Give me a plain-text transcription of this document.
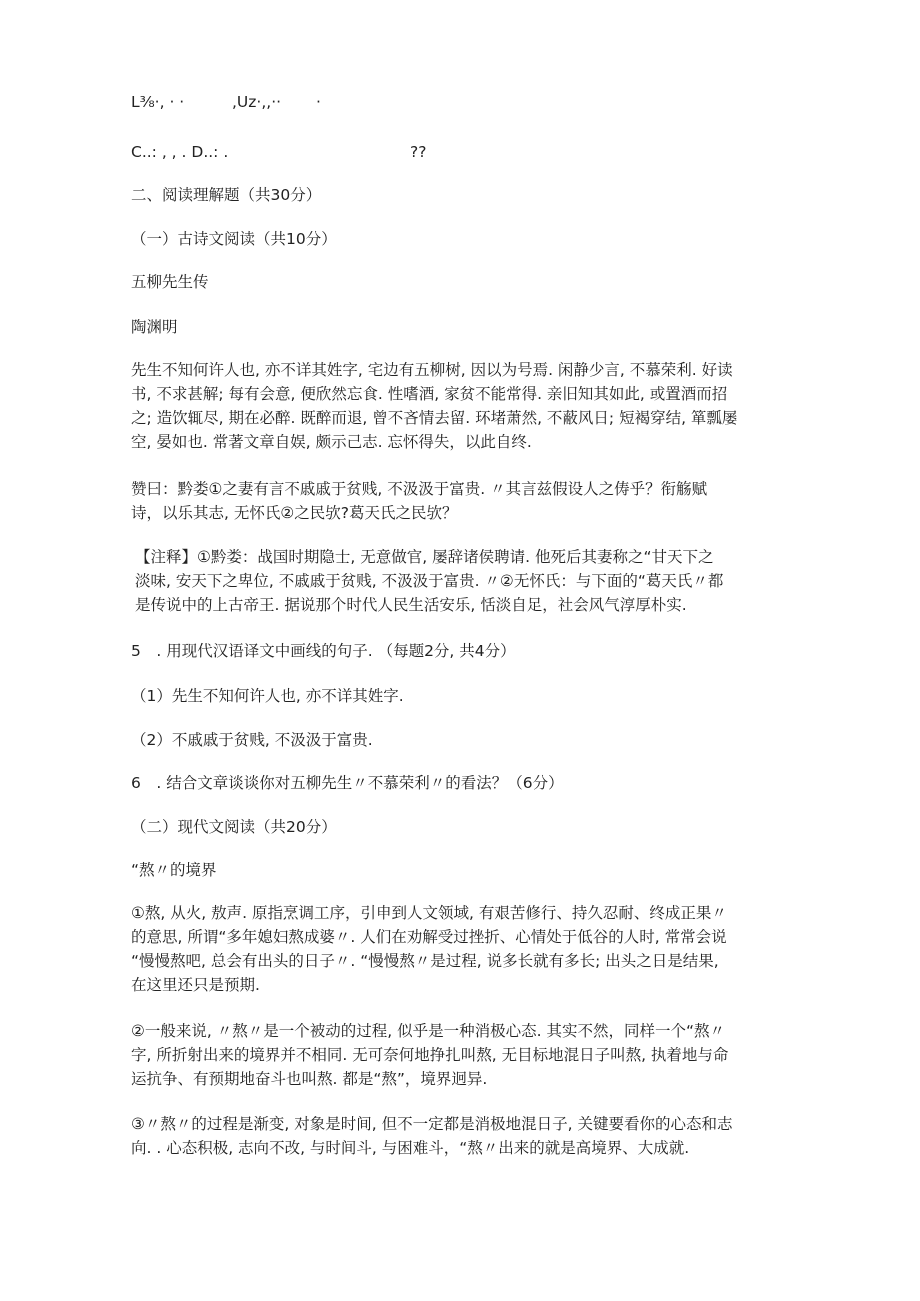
L⅜·, · ·	,Uz·,,·· ·
C..: , , . D..: .	??
二、阅读理解题（共30分）
（一）古诗文阅读（共10分）
五柳先生传
陶渊明
先生不知何许人也, 亦不详其姓字, 宅边有五柳树, 因以为号焉. 闲静少言, 不慕荣利. 好读
书, 不求甚解; 每有会意, 便欣然忘食. 性嗜酒, 家贫不能常得. 亲旧知其如此, 或置酒而招
之; 造饮辄尽, 期在必醉. 既醉而退, 曾不吝情去留. 环堵萧然, 不蔽风日; 短褐穿结, 箪瓢屡
空, 晏如也. 常著文章自娱, 颇示己志. 忘怀得失，以此自终.
赞曰：黔娄①之妻有言不戚戚于贫贱, 不汲汲于富贵. 〃其言兹假设人之俦乎？衔觞赋
诗，以乐其志, 无怀氏②之民欤?葛天氏之民欤？
【注释】①黔娄：战国时期隐士, 无意做官, 屡辞诸侯聘请. 他死后其妻称之“甘天下之
淡味, 安天下之卑位, 不戚戚于贫贱, 不汲汲于富贵. 〃②无怀氏：与下面的“葛天氏〃都
是传说中的上古帝王. 据说那个时代人民生活安乐, 恬淡自足，社会风气淳厚朴实.
5　. 用现代汉语译文中画线的句子. （每题2分, 共4分）
（1）先生不知何许人也, 亦不详其姓字.
（2）不戚戚于贫贱, 不汲汲于富贵.
6　. 结合文章谈谈你对五柳先生〃不慕荣利〃的看法？（6分）
（二）现代文阅读（共20分）
“熬〃的境界
①熬, 从火, 敖声. 原指烹调工序，引申到人文领域, 有艰苦修行、持久忍耐、终成正果〃
的意思, 所谓“多年媳妇熬成婆〃. 人们在劝解受过挫折、心情处于低谷的人时, 常常会说
“慢慢熬吧, 总会有出头的日子〃. “慢慢熬〃是过程, 说多长就有多长; 出头之日是结果,
在这里还只是预期.
②一般来说, 〃熬〃是一个被动的过程, 似乎是一种消极心态. 其实不然，同样一个“熬〃
字, 所折射出来的境界并不相同. 无可奈何地挣扎叫熬, 无目标地混日子叫熬, 执着地与命
运抗争、有预期地奋斗也叫熬. 都是“熬”，境界迥异.
③〃熬〃的过程是渐变, 对象是时间, 但不一定都是消极地混日子, 关键要看你的心态和志
向. . 心态积极, 志向不改, 与时间斗, 与困难斗，“熬〃出来的就是高境界、大成就.
